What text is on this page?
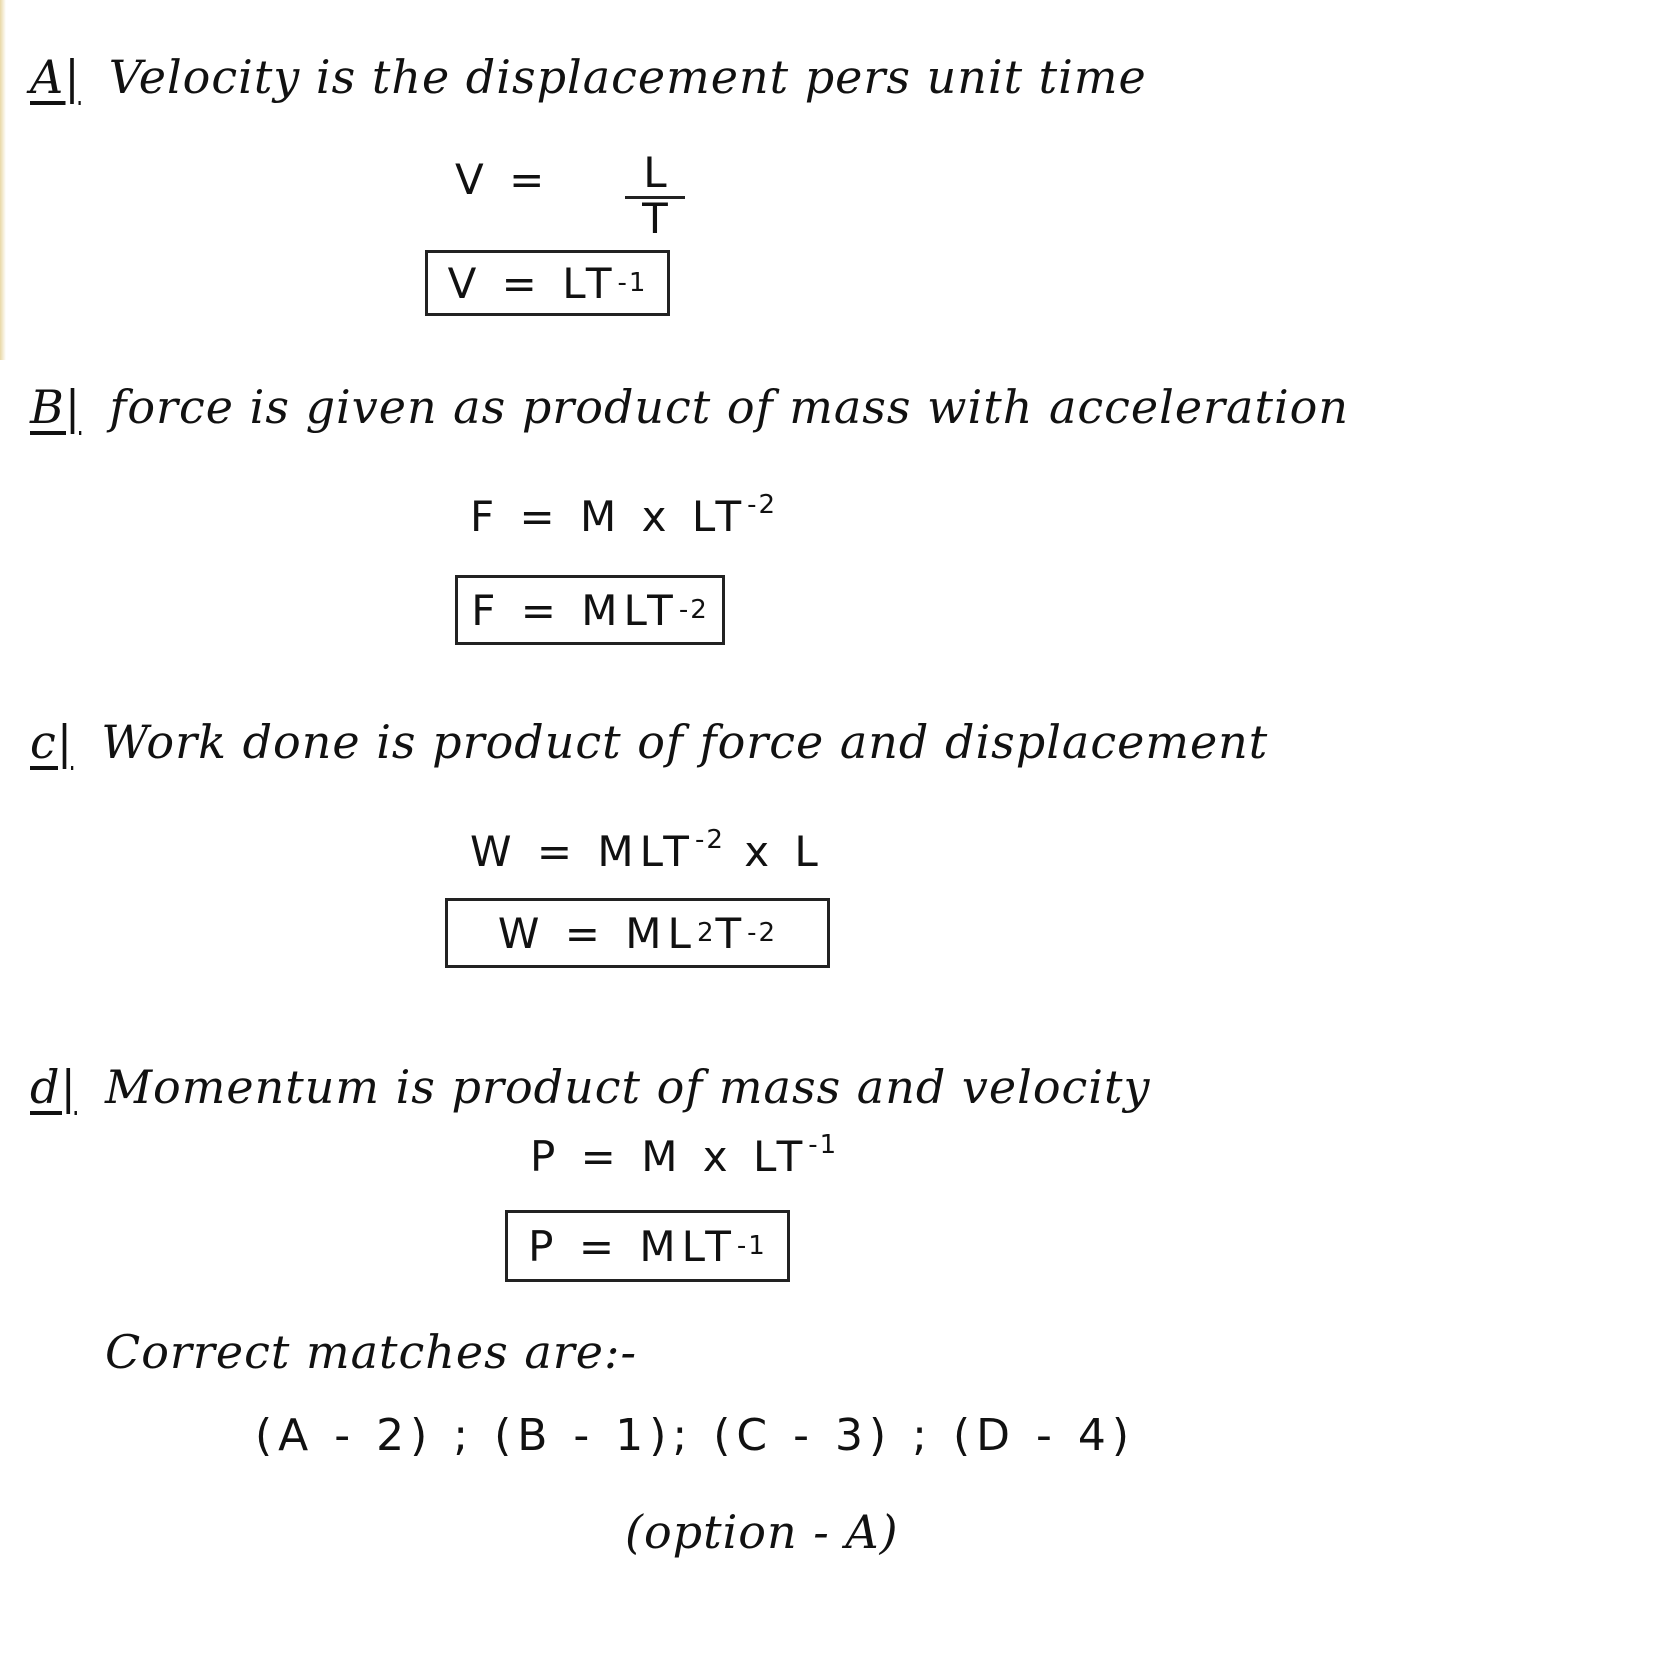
A| Velocity is the displacement pers unit time
$V = \frac{L}{T}$
V = LT -1
B| force is given as product of mass with acceleration
F = M x $LT^{-2}$
F = MLT -2
c| Work done is product of force and displacement
$W = MLT^{-2}$ x L
W = ML 2 T -2
d| Momentum is product of mass and velocity
P = M x $LT^{-1}$
P = MLT -1
Correct matches are:-
(A - 2) ; (B - 1); (C - 3) ; (D - 4)
(option - A)
